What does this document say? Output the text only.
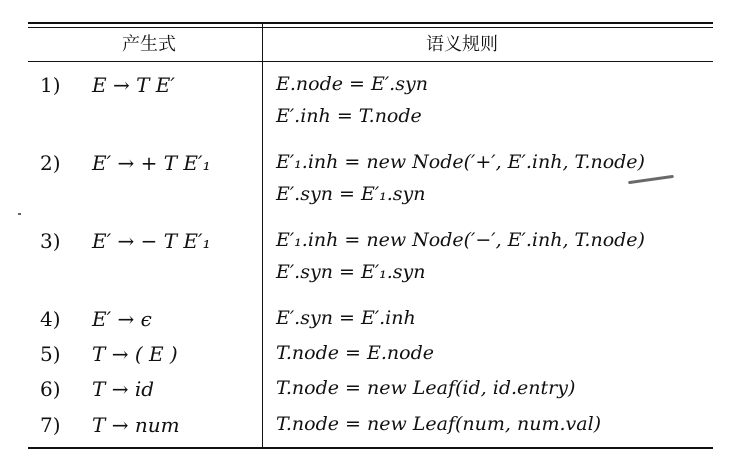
产生式	语义规则
1) E → T E′	E.node = E′.syn
E′.inh = T.node
2) E′ → + T E′₁	E′₁.inh = new Node(′+′, E′.inh, T.node)
E′.syn = E′₁.syn
3) E′ → − T E′₁	E′₁.inh = new Node(′−′, E′.inh, T.node)
E′.syn = E′₁.syn
4) E′ → ϵ	E′.syn = E′.inh
5) T → ( E )	T.node = E.node
6) T → id	T.node = new Leaf(id, id.entry)
7) T → num	T.node = new Leaf(num, num.val)
